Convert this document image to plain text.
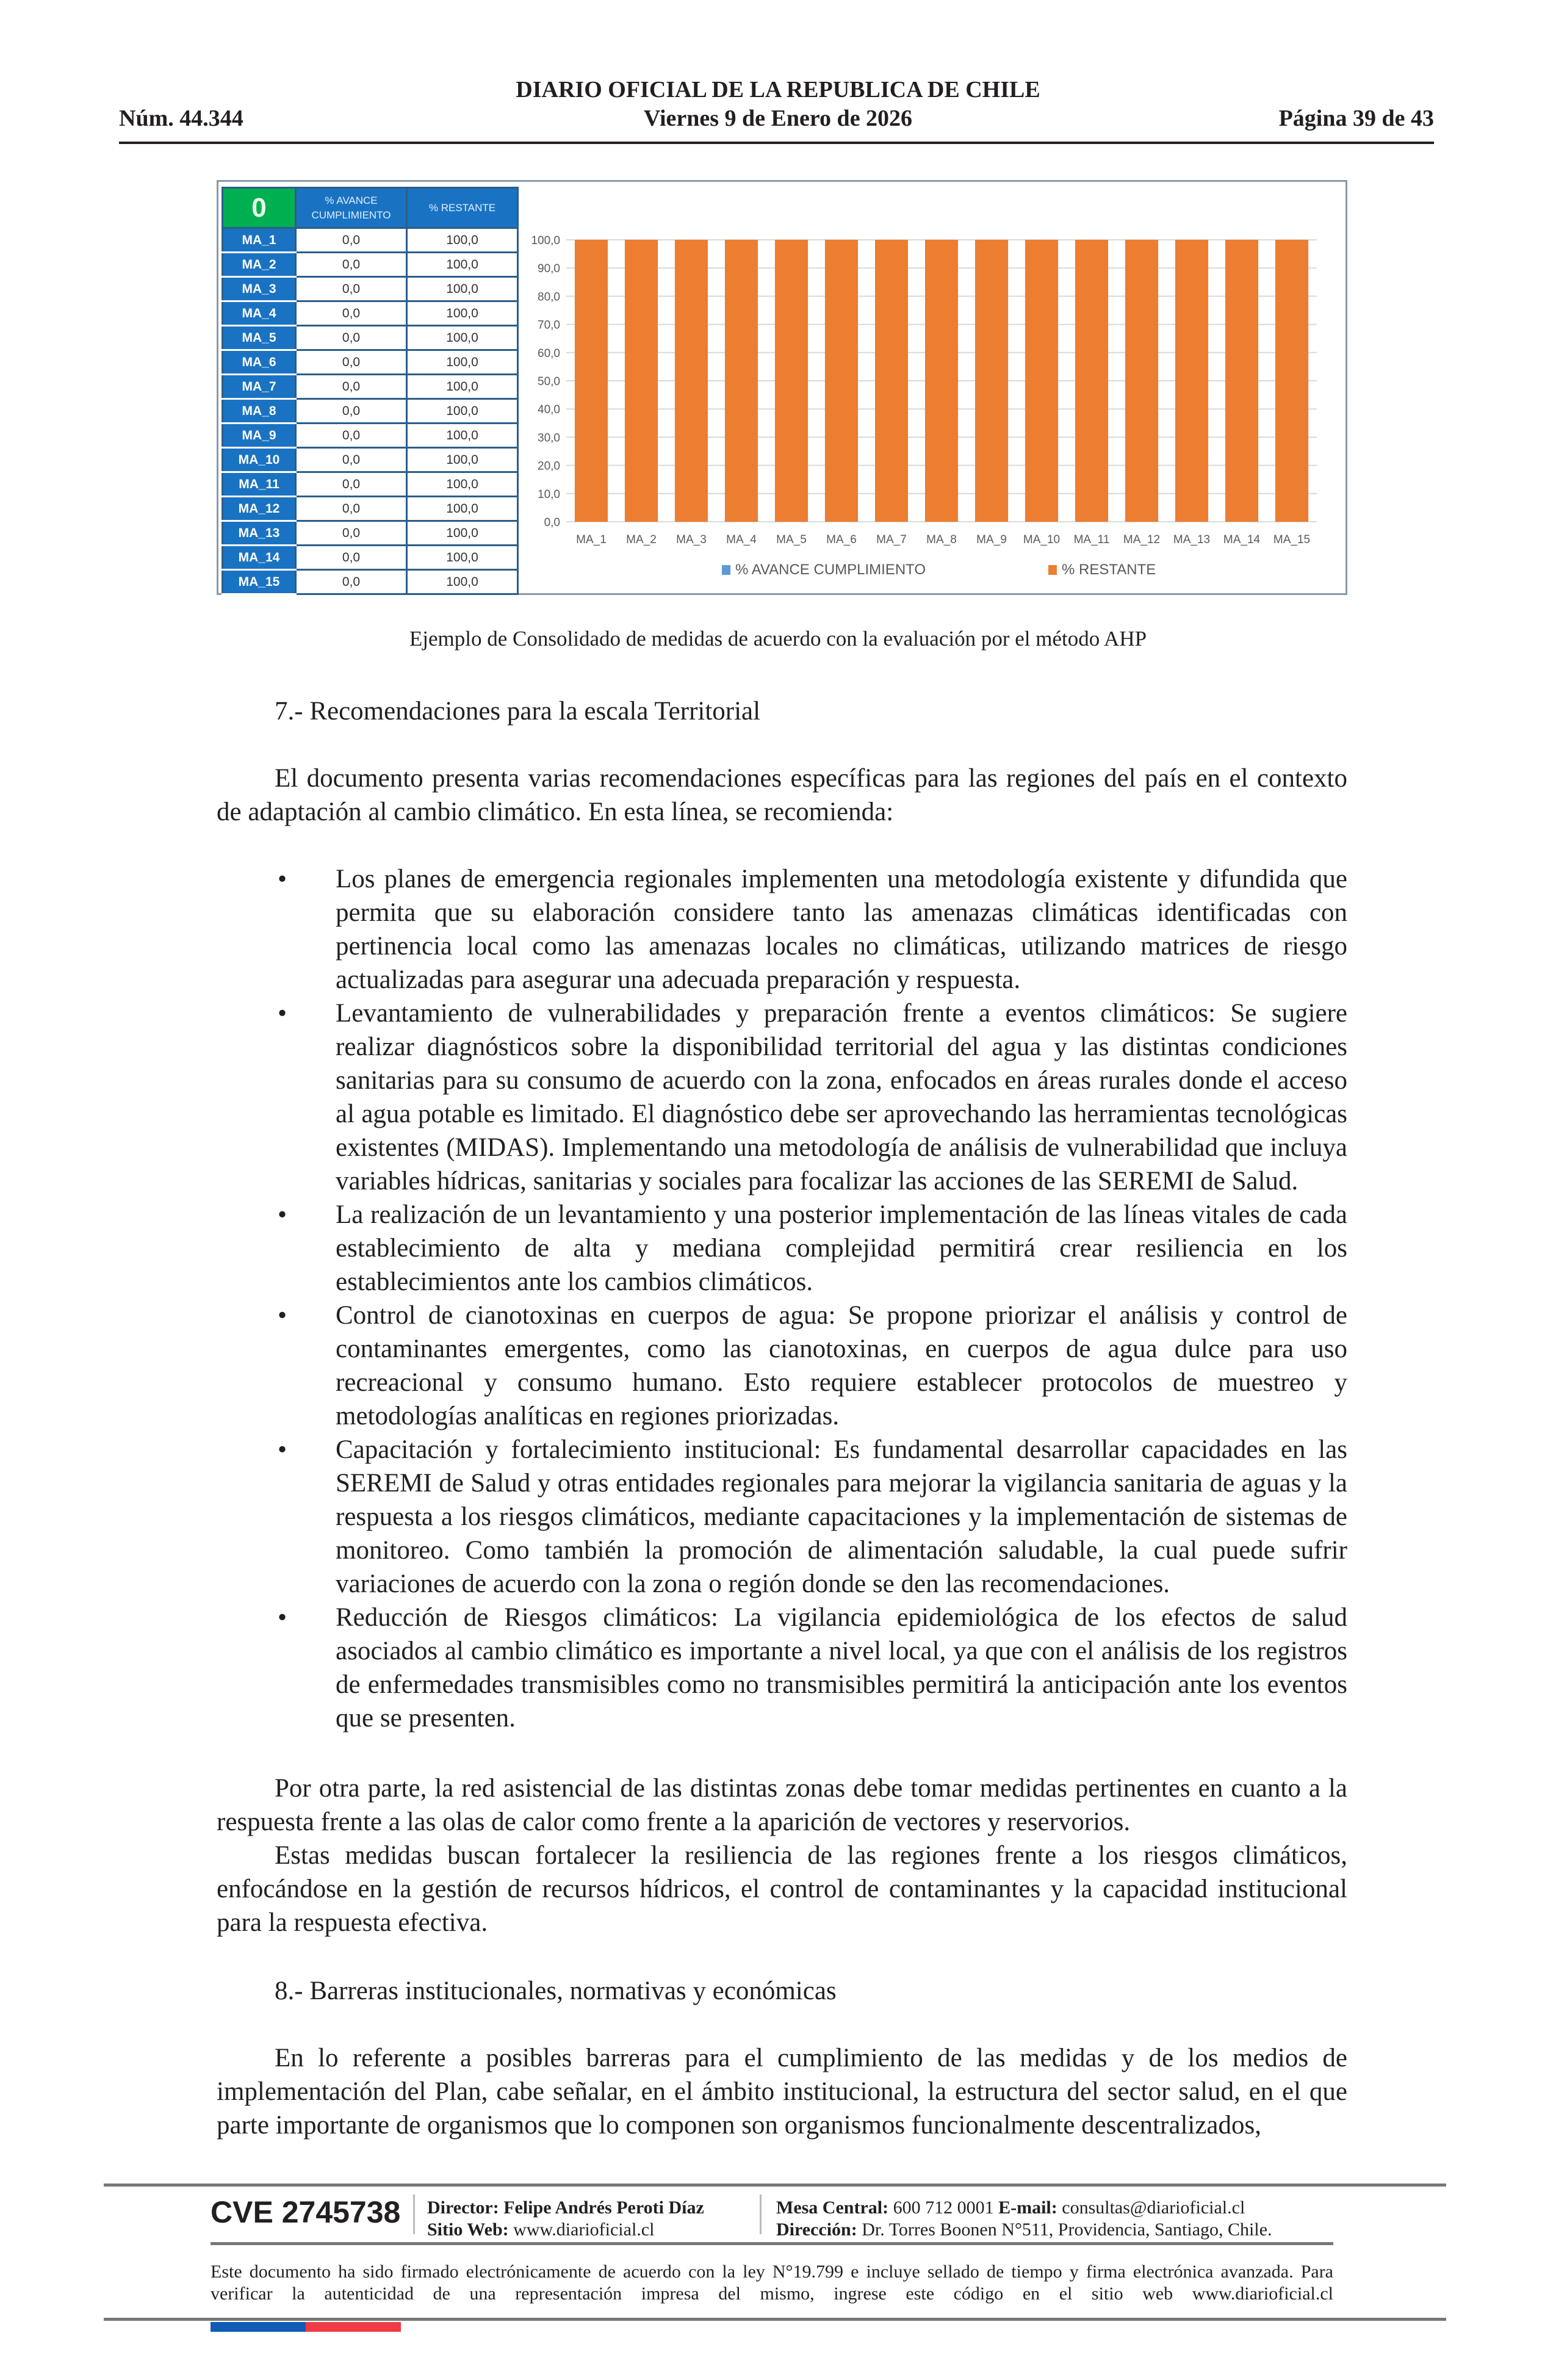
DIARIO OFICIAL DE LA REPUBLICA DE CHILE
Núm. 44.344	Viernes 9 de Enero de 2026	Página 39 de 43
0	% AVANCE CUMPLIMIENTO	% RESTANTE
MA_1	0,0	100,0
MA_2	0,0	100,0
MA_3	0,0	100,0
MA_4	0,0	100,0
MA_5	0,0	100,0
MA_6	0,0	100,0
MA_7	0,0	100,0
MA_8	0,0	100,0
MA_9	0,0	100,0
MA_10	0,0	100,0
MA_11	0,0	100,0
MA_12	0,0	100,0
MA_13	0,0	100,0
MA_14	0,0	100,0
MA_15	0,0	100,0
0,0
10,0
20,0
30,0
40,0
50,0
60,0
70,0
80,0
90,0
100,0
MA_1 MA_2 MA_3 MA_4 MA_5 MA_6 MA_7 MA_8 MA_9 MA_10 MA_11 MA_12 MA_13 MA_14 MA_15
% AVANCE CUMPLIMIENTO	% RESTANTE
Ejemplo de Consolidado de medidas de acuerdo con la evaluación por el método AHP
7.- Recomendaciones para la escala Territorial
El documento presenta varias recomendaciones específicas para las regiones del país en el contexto de adaptación al cambio climático. En esta línea, se recomienda:
• Los planes de emergencia regionales implementen una metodología existente y difundida que permita que su elaboración considere tanto las amenazas climáticas identificadas con pertinencia local como las amenazas locales no climáticas, utilizando matrices de riesgo actualizadas para asegurar una adecuada preparación y respuesta.
• Levantamiento de vulnerabilidades y preparación frente a eventos climáticos: Se sugiere realizar diagnósticos sobre la disponibilidad territorial del agua y las distintas condiciones sanitarias para su consumo de acuerdo con la zona, enfocados en áreas rurales donde el acceso al agua potable es limitado. El diagnóstico debe ser aprovechando las herramientas tecnológicas existentes (MIDAS). Implementando una metodología de análisis de vulnerabilidad que incluya variables hídricas, sanitarias y sociales para focalizar las acciones de las SEREMI de Salud.
• La realización de un levantamiento y una posterior implementación de las líneas vitales de cada establecimiento de alta y mediana complejidad permitirá crear resiliencia en los establecimientos ante los cambios climáticos.
• Control de cianotoxinas en cuerpos de agua: Se propone priorizar el análisis y control de contaminantes emergentes, como las cianotoxinas, en cuerpos de agua dulce para uso recreacional y consumo humano. Esto requiere establecer protocolos de muestreo y metodologías analíticas en regiones priorizadas.
• Capacitación y fortalecimiento institucional: Es fundamental desarrollar capacidades en las SEREMI de Salud y otras entidades regionales para mejorar la vigilancia sanitaria de aguas y la respuesta a los riesgos climáticos, mediante capacitaciones y la implementación de sistemas de monitoreo. Como también la promoción de alimentación saludable, la cual puede sufrir variaciones de acuerdo con la zona o región donde se den las recomendaciones.
• Reducción de Riesgos climáticos: La vigilancia epidemiológica de los efectos de salud asociados al cambio climático es importante a nivel local, ya que con el análisis de los registros de enfermedades transmisibles como no transmisibles permitirá la anticipación ante los eventos que se presenten.

Por otra parte, la red asistencial de las distintas zonas debe tomar medidas pertinentes en cuanto a la respuesta frente a las olas de calor como frente a la aparición de vectores y reservorios.

Estas medidas buscan fortalecer la resiliencia de las regiones frente a los riesgos climáticos, enfocándose en la gestión de recursos hídricos, el control de contaminantes y la capacidad institucional para la respuesta efectiva.

8.- Barreras institucionales, normativas y económicas
En lo referente a posibles barreras para el cumplimiento de las medidas y de los medios de implementación del Plan, cabe señalar, en el ámbito institucional, la estructura del sector salud, en el que parte importante de organismos que lo componen son organismos funcionalmente descentralizados,
CVE 2745738 Director: Felipe Andrés Peroti Díaz
Sitio Web: www.diarioficial.cl
Mesa Central: 600 712 0001 E-mail: consultas@diarioficial.cl
Dirección: Dr. Torres Boonen N°511, Providencia, Santiago, Chile.
Este documento ha sido firmado electrónicamente de acuerdo con la ley N°19.799 e incluye sellado de tiempo y firma electrónica avanzada. Para verificar la autenticidad de una representación impresa del mismo, ingrese este código en el sitio web www.diarioficial.cl
